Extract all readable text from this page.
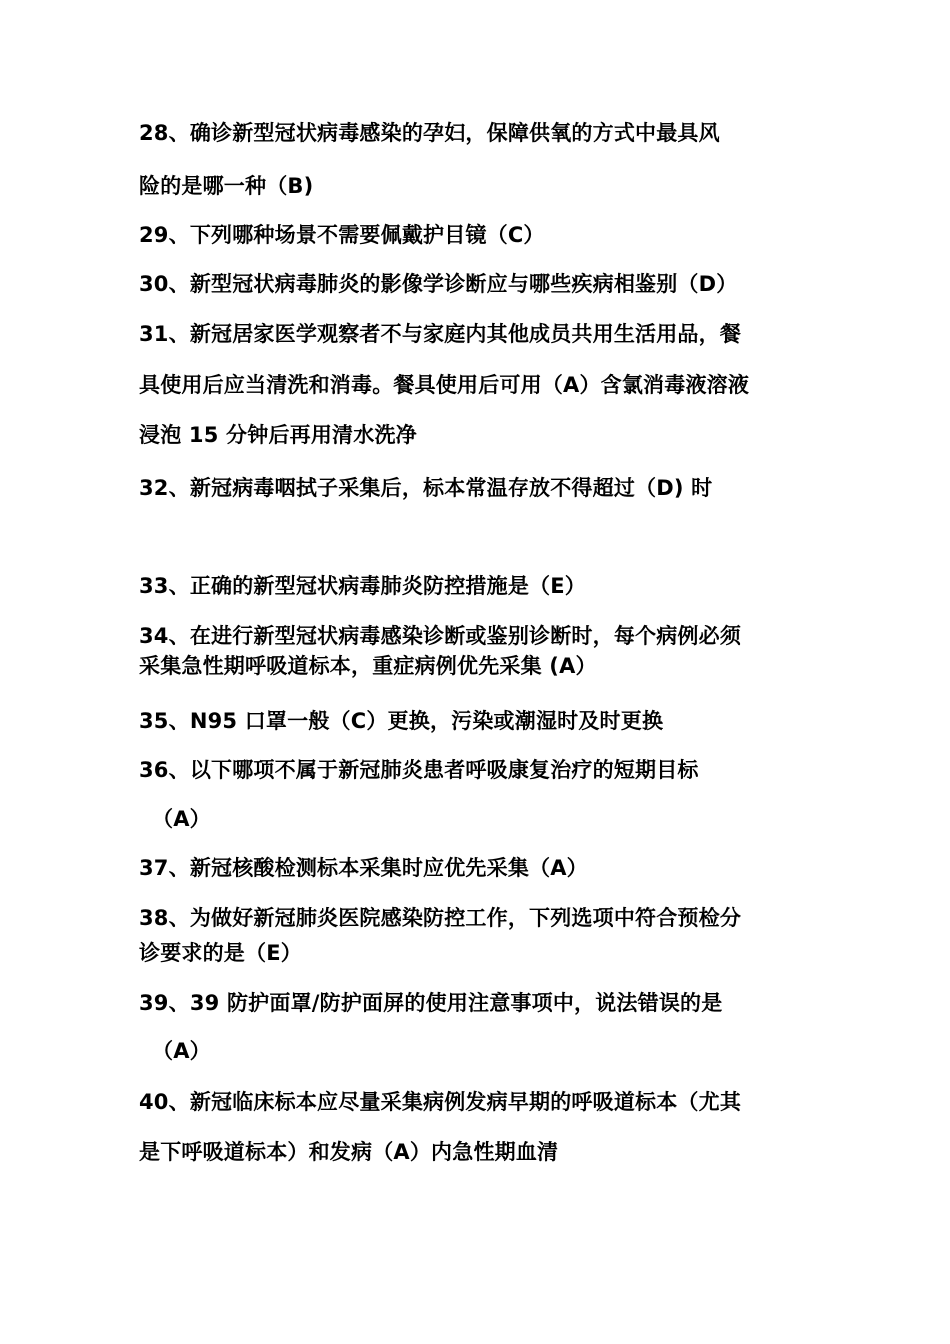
28、确诊新型冠状病毒感染的孕妇，保障供氧的方式中最具风
险的是哪一种（B)
29、下列哪种场景不需要佩戴护目镜（C）
30、新型冠状病毒肺炎的影像学诊断应与哪些疾病相鉴别（D）
31、新冠居家医学观察者不与家庭内其他成员共用生活用品，餐
具使用后应当清洗和消毒。餐具使用后可用（A）含氯消毒液溶液
浸泡 15 分钟后再用清水洗净
32、新冠病毒咽拭子采集后，标本常温存放不得超过（D) 时
33、正确的新型冠状病毒肺炎防控措施是（E）
34、在进行新型冠状病毒感染诊断或鉴别诊断时，每个病例必须
采集急性期呼吸道标本，重症病例优先采集 (A）
35、N95 口罩一般（C）更换，污染或潮湿时及时更换
36、以下哪项不属于新冠肺炎患者呼吸康复治疗的短期目标
（A）
37、新冠核酸检测标本采集时应优先采集（A）
38、为做好新冠肺炎医院感染防控工作，下列选项中符合预检分
诊要求的是（E）
39、39 防护面罩/防护面屏的使用注意事项中，说法错误的是
（A）
40、新冠临床标本应尽量采集病例发病早期的呼吸道标本（尤其
是下呼吸道标本）和发病（A）内急性期血清
